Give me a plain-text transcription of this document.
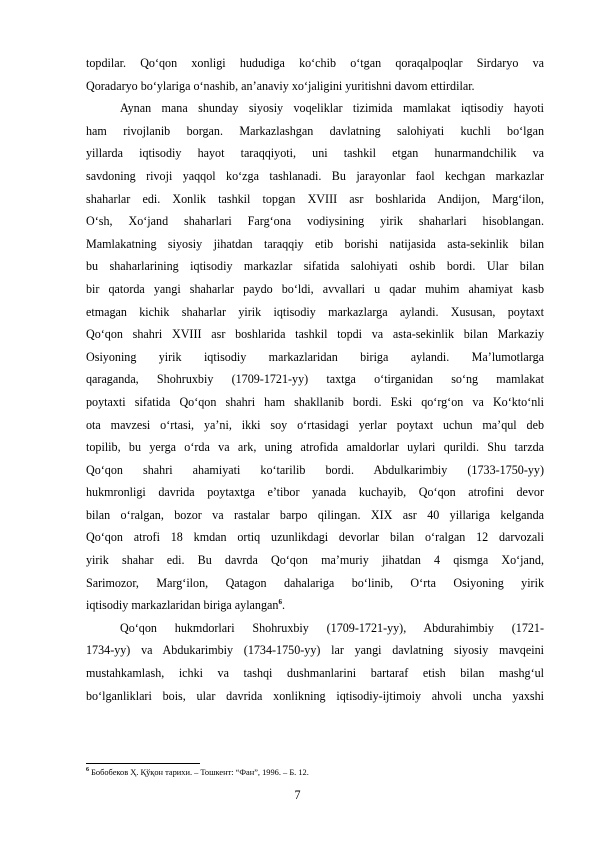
topdilar. Qo‘qon xonligi hududiga ko‘chib o‘tgan qoraqalpoqlar Sirdaryo va
Qoradaryo bo‘ylariga o‘nashib, an’anaviy xo‘jaligini yuritishni davom ettirdilar.
Aynan mana shunday siyosiy voqeliklar tizimida mamlakat iqtisodiy hayoti
ham rivojlanib borgan. Markazlashgan davlatning salohiyati kuchli bo‘lgan
yillarda iqtisodiy hayot taraqqiyoti, uni tashkil etgan hunarmandchilik va
savdoning rivoji yaqqol ko‘zga tashlanadi. Bu jarayonlar faol kechgan markazlar
shaharlar edi. Xonlik tashkil topgan XVIII asr boshlarida Andijon, Marg‘ilon,
O‘sh, Xo‘jand shaharlari Farg‘ona vodiysining yirik shaharlari hisoblangan.
Mamlakatning siyosiy jihatdan taraqqiy etib borishi natijasida asta-sekinlik bilan
bu shaharlarining iqtisodiy markazlar sifatida salohiyati oshib bordi. Ular bilan
bir qatorda yangi shaharlar paydo bo‘ldi, avvallari u qadar muhim ahamiyat kasb
etmagan kichik shaharlar yirik iqtisodiy markazlarga aylandi. Xususan, poytaxt
Qo‘qon shahri XVIII asr boshlarida tashkil topdi va asta-sekinlik bilan Markaziy
Osiyoning yirik iqtisodiy markazlaridan biriga aylandi. Ma’lumotlarga
qaraganda, Shohruxbiy (1709-1721-yy) taxtga o‘tirganidan so‘ng mamlakat
poytaxti sifatida Qo‘qon shahri ham shakllanib bordi. Eski qo‘rg‘on va Ko‘kto‘nli
ota mavzesi o‘rtasi, ya’ni, ikki soy o‘rtasidagi yerlar poytaxt uchun ma’qul deb
topilib, bu yerga o‘rda va ark, uning atrofida amaldorlar uylari qurildi. Shu tarzda
Qo‘qon shahri ahamiyati ko‘tarilib bordi. Abdulkarimbiy (1733-1750-yy)
hukmronligi davrida poytaxtga e’tibor yanada kuchayib, Qo‘qon atrofini devor
bilan o‘ralgan, bozor va rastalar barpo qilingan. XIX asr 40 yillariga kelganda
Qo‘qon atrofi 18 kmdan ortiq uzunlikdagi devorlar bilan o‘ralgan 12 darvozali
yirik shahar edi. Bu davrda Qo‘qon ma’muriy jihatdan 4 qismga Xo‘jand,
Sarimozor, Marg‘ilon, Qatagon dahalariga bo‘linib, O‘rta Osiyoning yirik
iqtisodiy markazlaridan biriga aylangan$^6$.
Qo‘qon hukmdorlari Shohruxbiy (1709-1721-yy), Abdurahimbiy (1721-
1734-yy) va Abdukarimbiy (1734-1750-yy) lar yangi davlatning siyosiy mavqeini
mustahkamlash, ichki va tashqi dushmanlarini bartaraf etish bilan mashg‘ul
bo‘lganliklari bois, ular davrida xonlikning iqtisodiy-ijtimoiy ahvoli uncha yaxshi
$^6$ Бобобеков Ҳ. Қўқон тарихи. – Тошкент: “Фан”, 1996. – Б. 12.
7
